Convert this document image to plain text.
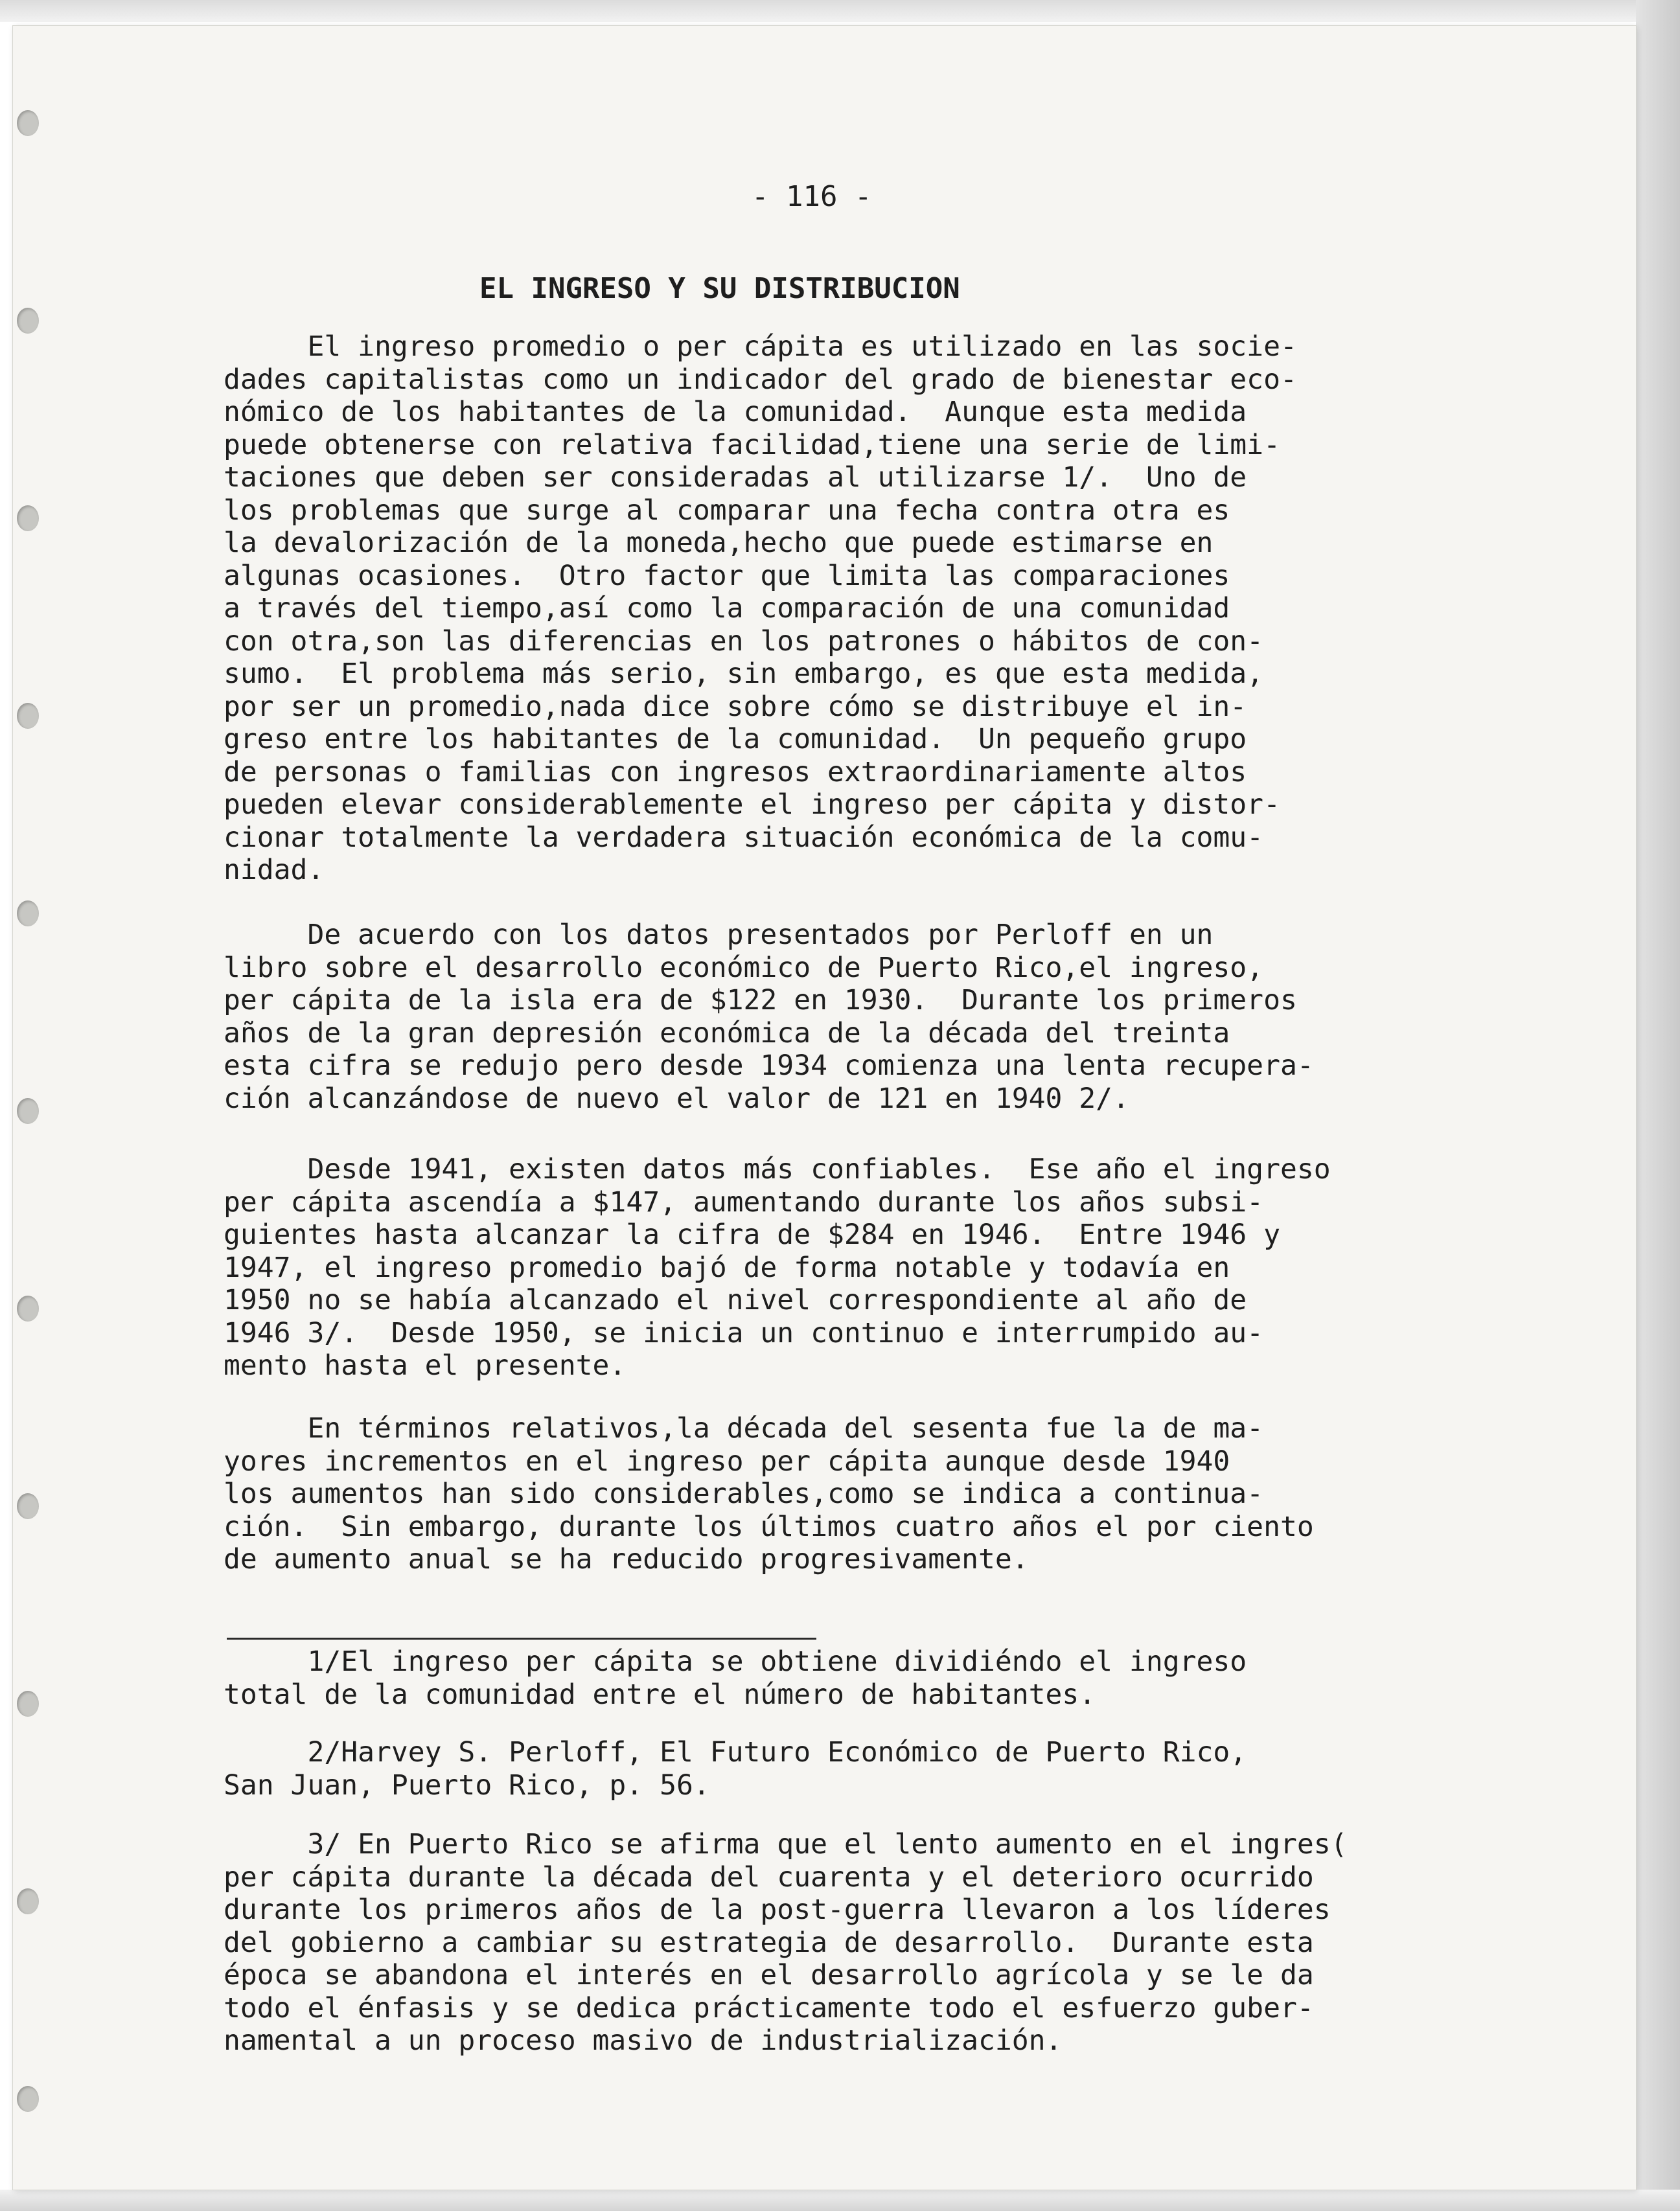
- 116 -
EL INGRESO Y SU DISTRIBUCION
El ingreso promedio o per cápita es utilizado en las socie-
dades capitalistas como un indicador del grado de bienestar eco-
nómico de los habitantes de la comunidad.  Aunque esta medida
puede obtenerse con relativa facilidad,tiene una serie de limi-
taciones que deben ser consideradas al utilizarse 1/.  Uno de
los problemas que surge al comparar una fecha contra otra es
la devalorización de la moneda,hecho que puede estimarse en
algunas ocasiones.  Otro factor que limita las comparaciones
a través del tiempo,así como la comparación de una comunidad
con otra,son las diferencias en los patrones o hábitos de con-
sumo.  El problema más serio, sin embargo, es que esta medida,
por ser un promedio,nada dice sobre cómo se distribuye el in-
greso entre los habitantes de la comunidad.  Un pequeño grupo
de personas o familias con ingresos extraordinariamente altos
pueden elevar considerablemente el ingreso per cápita y distor-
cionar totalmente la verdadera situación económica de la comu-
nidad.
De acuerdo con los datos presentados por Perloff en un
libro sobre el desarrollo económico de Puerto Rico,el ingreso,
per cápita de la isla era de $122 en 1930.  Durante los primeros
años de la gran depresión económica de la década del treinta
esta cifra se redujo pero desde 1934 comienza una lenta recupera-
ción alcanzándose de nuevo el valor de 121 en 1940 2/.
Desde 1941, existen datos más confiables.  Ese año el ingreso
per cápita ascendía a $147, aumentando durante los años subsi-
guientes hasta alcanzar la cifra de $284 en 1946.  Entre 1946 y
1947, el ingreso promedio bajó de forma notable y todavía en
1950 no se había alcanzado el nivel correspondiente al año de
1946 3/.  Desde 1950, se inicia un continuo e interrumpido au-
mento hasta el presente.
En términos relativos,la década del sesenta fue la de ma-
yores incrementos en el ingreso per cápita aunque desde 1940
los aumentos han sido considerables,como se indica a continua-
ción.  Sin embargo, durante los últimos cuatro años el por ciento
de aumento anual se ha reducido progresivamente.
1/El ingreso per cápita se obtiene dividiéndo el ingreso
total de la comunidad entre el número de habitantes.
2/Harvey S. Perloff, El Futuro Económico de Puerto Rico,
San Juan, Puerto Rico, p. 56.
3/ En Puerto Rico se afirma que el lento aumento en el ingres(
per cápita durante la década del cuarenta y el deterioro ocurrido
durante los primeros años de la post-guerra llevaron a los líderes
del gobierno a cambiar su estrategia de desarrollo.  Durante esta
época se abandona el interés en el desarrollo agrícola y se le da
todo el énfasis y se dedica prácticamente todo el esfuerzo guber-
namental a un proceso masivo de industrialización.
